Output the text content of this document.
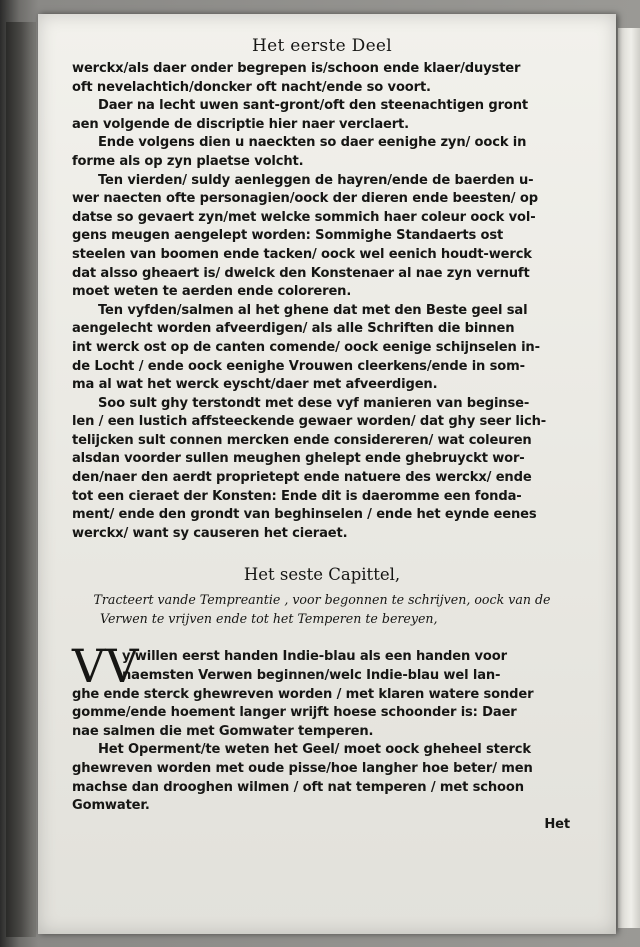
Het eerste Deel
werckx/als daer onder begrepen is/schoon ende klaer/duyster
oft nevelachtich/doncker oft nacht/ende so voort.
Daer na lecht uwen sant-gront/oft den steenachtigen gront
aen volgende de discriptie hier naer verclaert.
Ende volgens dien u naeckten so daer eenighe zyn/ oock in
forme als op zyn plaetse volcht.
Ten vierden/ suldy aenleggen de hayren/ende de baerden u-
wer naecten ofte personagien/oock der dieren ende beesten/ op
datse so gevaert zyn/met welcke sommich haer colеur oock vol-
gens meugen aengelept worden: Sommighe Standaerts ost
steelen van boomen ende tacken/ oock wel eenich houdt-werck
dat alsso gheaert is/ dwelck den Konstenaer al nae zyn vernuft
moet weten te aerden ende coloreren.
Ten vyfden/salmen al het ghene dat met den Beste geel sal
aengelecht worden afveerdigen/ als alle Schriften die binnen
int werck ost op de canten comende/ oock eenige schijnselen in-
de Locht / ende oock eenighe Vrouwen cleerkens/ende in som-
ma al wat het werck eyscht/daer met afveerdigen.
Soo sult ghy terstondt met dese vyf manieren van beginse-
len / een lustich affsteeckende gewaer worden/ dat ghy seer lich-
telijcken sult connen mercken ende considereren/ wat coleuren
alsdan voorder sullen meughen ghelept ende ghebruyckt wor-
den/naer den aerdt proprietept ende natuere des werckx/ ende
tot een cieraet der Konsten: Ende dit is daeromme een fonda-
ment/ ende den grondt van beghinselen / ende het eynde eenes
werckx/ want sy causeren het cieraet.
Het seste Capittel,
Tracteert vande Tempreantie , voor begonnen te schrijven, oock van de
Verwen te vrijven ende tot het Temperen te bereyen,
VV
y willen eerst handen Indie-blau als een handen voor
naemsten Verwen beginnen/welc Indie-blau wel lan-
ghe ende sterck ghewreven worden / met klaren watere sonder
gomme/ende hoement langer wrijft hoese schoonder is: Daer
nae salmen die met Gomwater temperen.
Het Operment/te weten het Geel/ moet oock gheheel sterck
ghewreven worden met oude pisse/hoe langher hoe beter/ men
machse dan drooghen wilmen / oft nat temperen / met schoon
Gomwater.
Het
